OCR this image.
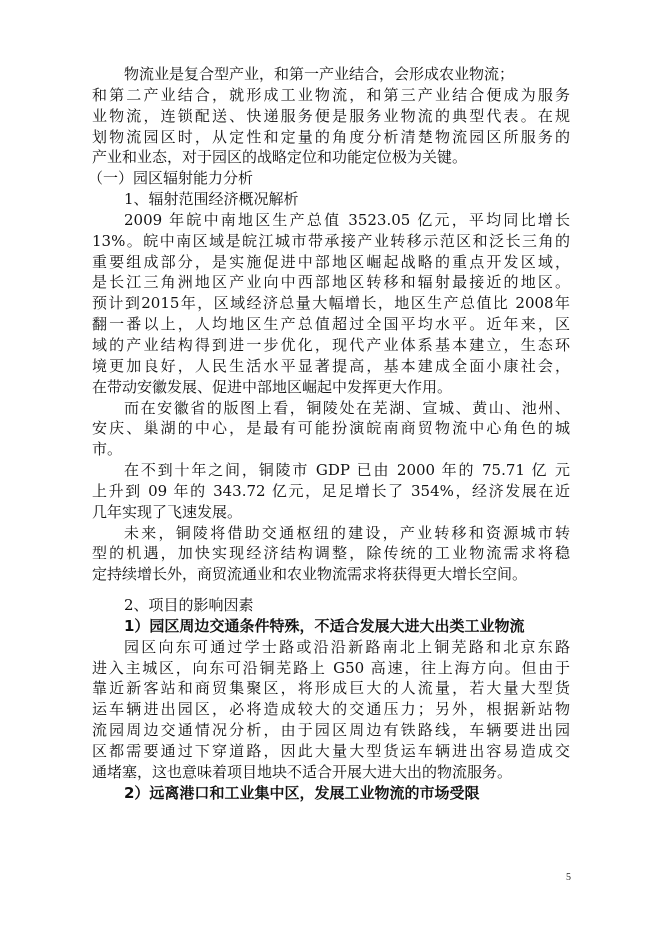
物流业是复合型产业，和第一产业结合，会形成农业物流；
和第二产业结合，就形成工业物流，和第三产业结合便成为服务
业物流，连锁配送、快递服务便是服务业物流的典型代表。在规
划物流园区时，从定性和定量的角度分析清楚物流园区所服务的
产业和业态，对于园区的战略定位和功能定位极为关键。
（一）园区辐射能力分析
1、辐射范围经济概况解析
2009 年皖中南地区生产总值 3523.05 亿元，平均同比增长
13%。皖中南区域是皖江城市带承接产业转移示范区和泛长三角的
重要组成部分，是实施促进中部地区崛起战略的重点开发区域，
是长江三角洲地区产业向中西部地区转移和辐射最接近的地区。
预计到2015年，区域经济总量大幅增长，地区生产总值比 2008年
翻一番以上，人均地区生产总值超过全国平均水平。近年来，区
域的产业结构得到进一步优化，现代产业体系基本建立，生态环
境更加良好，人民生活水平显著提高，基本建成全面小康社会，
在带动安徽发展、促进中部地区崛起中发挥更大作用。
而在安徽省的版图上看，铜陵处在芜湖、宣城、黄山、池州、
安庆、巢湖的中心，是最有可能扮演皖南商贸物流中心角色的城
市。
在不到十年之间，铜陵市 GDP 已由 2000 年的 75.71 亿 元
上升到 09 年的 343.72 亿元，足足增长了 354%，经济发展在近
几年实现了飞速发展。
未来，铜陵将借助交通枢纽的建设，产业转移和资源城市转
型的机遇，加快实现经济结构调整，除传统的工业物流需求将稳
定持续增长外，商贸流通业和农业物流需求将获得更大增长空间。
2、项目的影响因素
1）园区周边交通条件特殊，不适合发展大进大出类工业物流
园区向东可通过学士路或沿沿新路南北上铜芜路和北京东路
进入主城区，向东可沿铜芜路上 G50 高速，往上海方向。但由于
靠近新客站和商贸集聚区，将形成巨大的人流量，若大量大型货
运车辆进出园区，必将造成较大的交通压力；另外，根据新站物
流园周边交通情况分析，由于园区周边有铁路线，车辆要进出园
区都需要通过下穿道路，因此大量大型货运车辆进出容易造成交
通堵塞，这也意味着项目地块不适合开展大进大出的物流服务。
2）远离港口和工业集中区，发展工业物流的市场受限
5
